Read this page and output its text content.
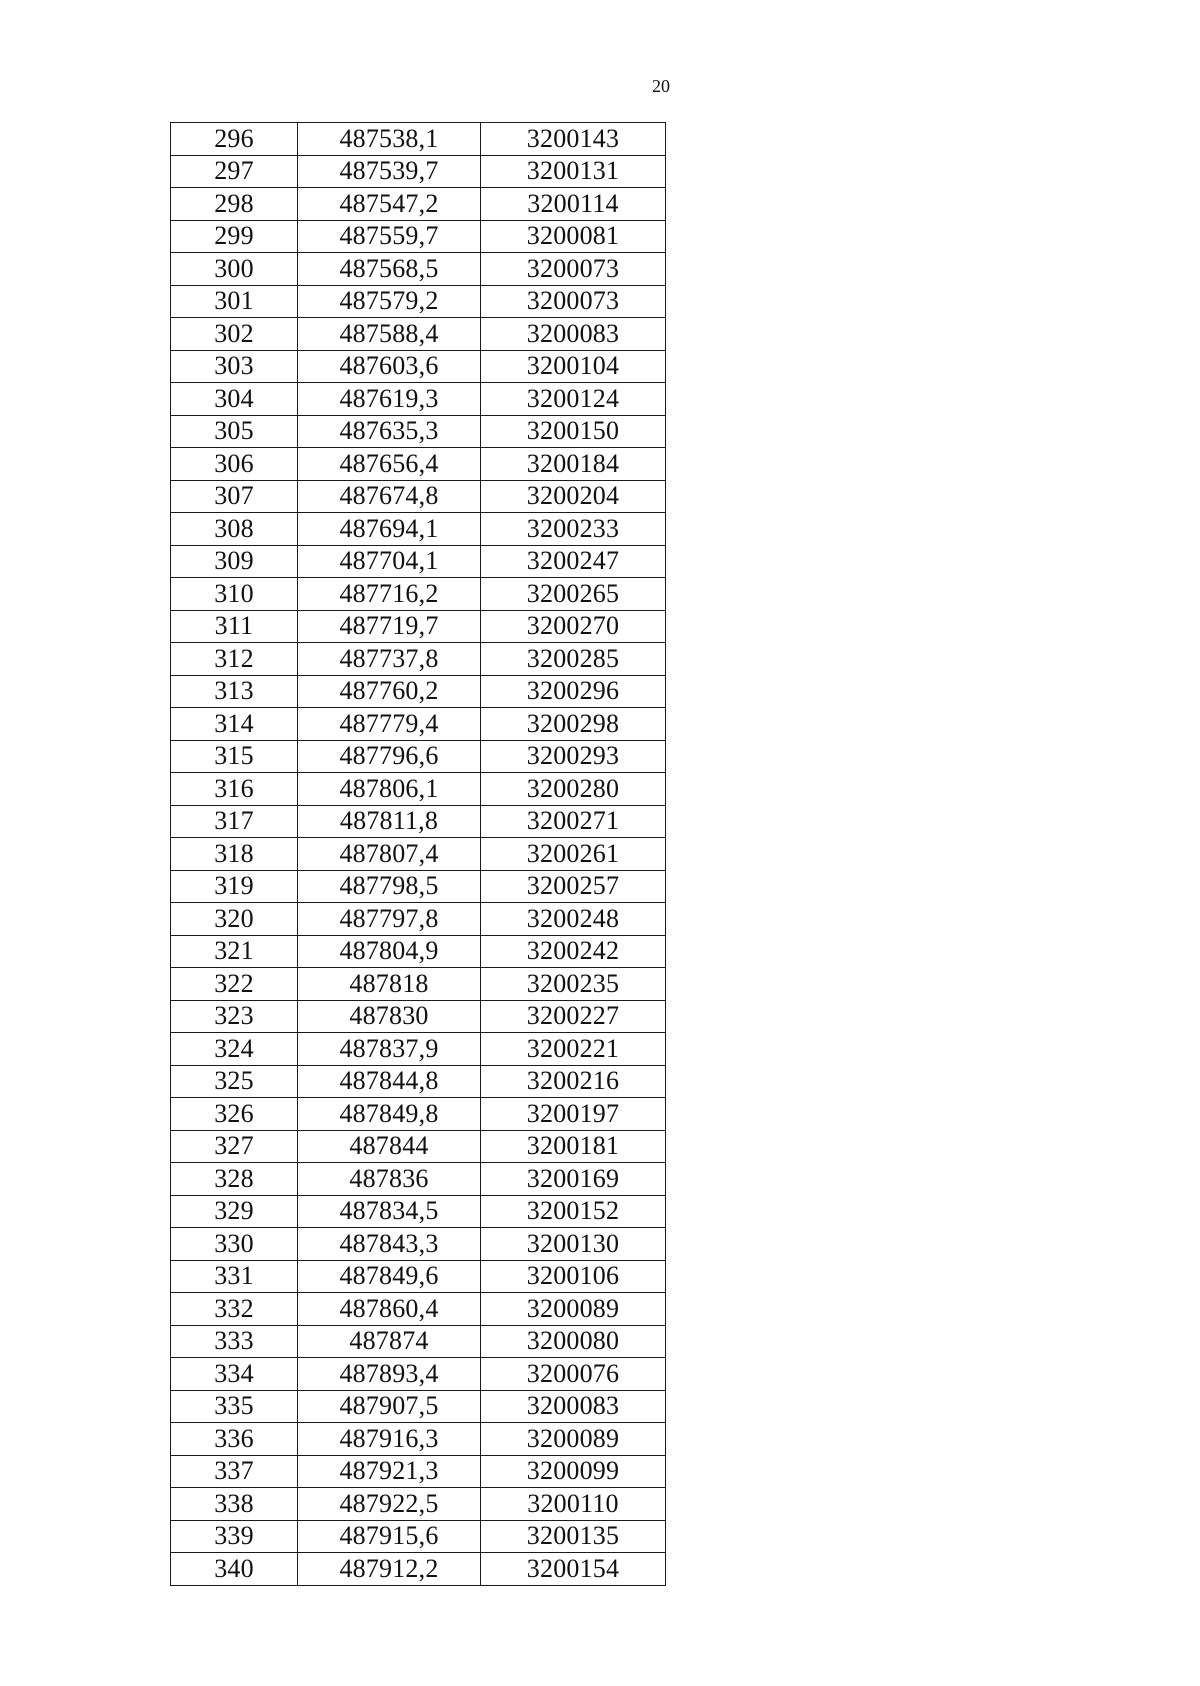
20
296	487538,1	3200143
297	487539,7	3200131
298	487547,2	3200114
299	487559,7	3200081
300	487568,5	3200073
301	487579,2	3200073
302	487588,4	3200083
303	487603,6	3200104
304	487619,3	3200124
305	487635,3	3200150
306	487656,4	3200184
307	487674,8	3200204
308	487694,1	3200233
309	487704,1	3200247
310	487716,2	3200265
311	487719,7	3200270
312	487737,8	3200285
313	487760,2	3200296
314	487779,4	3200298
315	487796,6	3200293
316	487806,1	3200280
317	487811,8	3200271
318	487807,4	3200261
319	487798,5	3200257
320	487797,8	3200248
321	487804,9	3200242
322	487818	3200235
323	487830	3200227
324	487837,9	3200221
325	487844,8	3200216
326	487849,8	3200197
327	487844	3200181
328	487836	3200169
329	487834,5	3200152
330	487843,3	3200130
331	487849,6	3200106
332	487860,4	3200089
333	487874	3200080
334	487893,4	3200076
335	487907,5	3200083
336	487916,3	3200089
337	487921,3	3200099
338	487922,5	3200110
339	487915,6	3200135
340	487912,2	3200154
